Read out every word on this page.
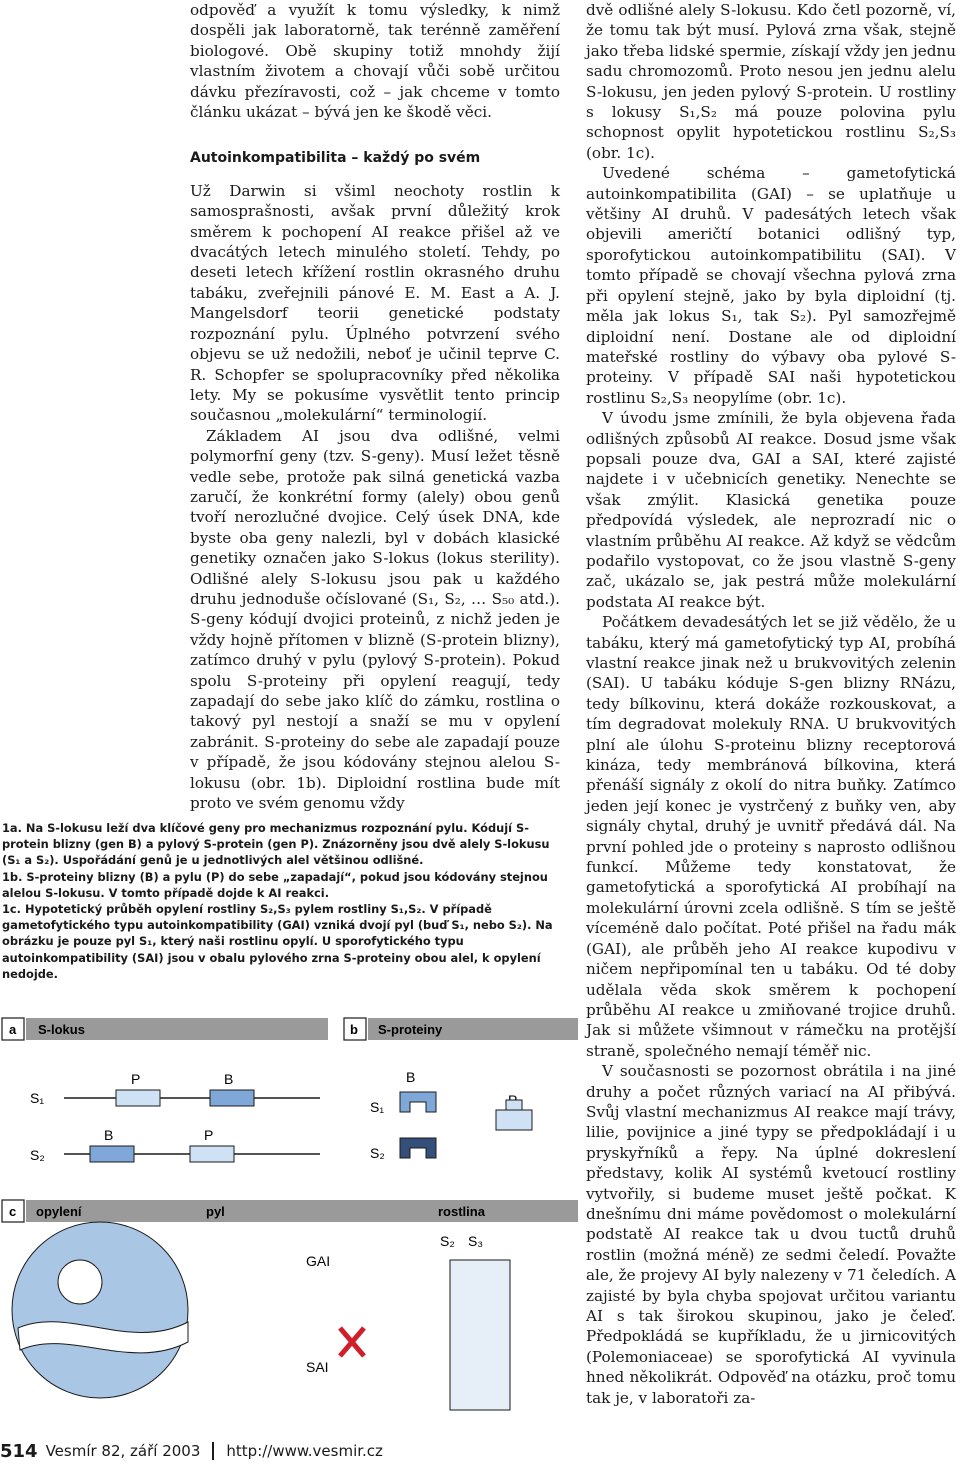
odpověď a využít k tomu výsledky, k nimž dospěli jak laboratorně, tak terénně zaměření biologové. Obě skupiny totiž mnohdy žijí vlastním životem a chovají vůči sobě určitou dávku přezíravosti, což – jak chceme v tomto článku ukázat – bývá jen ke škodě věci.

Autoinkompatibilita – každý po svém

Už Darwin si všiml neochoty rostlin k samosprašnosti, avšak první důležitý krok směrem k pochopení AI reakce přišel až ve dvacátých letech minulého století. Tehdy, po deseti letech křížení rostlin okrasného druhu tabáku, zveřejnili pánové E. M. East a A. J. Mangelsdorf teorii genetické podstaty rozpoznání pylu. Úplného potvrzení svého objevu se už nedožili, neboť je učinil teprve C. R. Schopfer se spolupracovníky před několika lety. My se pokusíme vysvětlit tento princip současnou „molekulární“ terminologií.

Základem AI jsou dva odlišné, velmi polymorfní geny (tzv. S-geny). Musí ležet těsně vedle sebe, protože pak silná genetická vazba zaručí, že konkrétní formy (alely) obou genů tvoří nerozlučné dvojice. Celý úsek DNA, kde byste oba geny nalezli, byl v dobách klasické genetiky označen jako S-lokus (lokus sterility). Odlišné alely S-lokusu jsou pak u každého druhu jednoduše očíslované (S₁, S₂, … S₅₀ atd.). S-geny kódují dvojici proteinů, z nichž jeden je vždy hojně přítomen v blizně (S-protein blizny), zatímco druhý v pylu (pylový S-protein). Pokud spolu S-proteiny při opylení reagují, tedy zapadají do sebe jako klíč do zámku, rostlina o takový pyl nestojí a snaží se mu v opylení zabránit. S-proteiny do sebe ale zapadají pouze v případě, že jsou kódovány stejnou alelou S-lokusu (obr. 1b). Diploidní rostlina bude mít proto ve svém genomu vždy

dvě odlišné alely S-lokusu. Kdo četl pozorně, ví, že tomu tak být musí. Pylová zrna však, stejně jako třeba lidské spermie, získají vždy jen jednu sadu chromozomů. Proto nesou jen jednu alelu S-lokusu, jen jeden pylový S-protein. U rostliny s lokusy S₁,S₂ má pouze polovina pylu schopnost opylit hypotetickou rostlinu S₂,S₃ (obr. 1c).

Uvedené schéma – gametofytická autoinkompatibilita (GAI) – se uplatňuje u většiny AI druhů. V padesátých letech však objevili američtí botanici odlišný typ, sporofytickou autoinkompatibilitu (SAI). V tomto případě se chovají všechna pylová zrna při opylení stejně, jako by byla diploidní (tj. měla jak lokus S₁, tak S₂). Pyl samozřejmě diploidní není. Dostane ale od diploidní mateřské rostliny do výbavy oba pylové S-proteiny. V případě SAI naši hypotetickou rostlinu S₂,S₃ neopylíme (obr. 1c).

V úvodu jsme zmínili, že byla objevena řada odlišných způsobů AI reakce. Dosud jsme však popsali pouze dva, GAI a SAI, které zajisté najdete i v učebnicích genetiky. Nenechte se však zmýlit. Klasická genetika pouze předpovídá výsledek, ale neprozradí nic o vlastním průběhu AI reakce. Až když se vědcům podařilo vystopovat, co že jsou vlastně S-geny zač, ukázalo se, jak pestrá může molekulární podstata AI reakce být.

Počátkem devadesátých let se již vědělo, že u tabáku, který má gametofytický typ AI, probíhá vlastní reakce jinak než u brukvovitých zelenin (SAI). U tabáku kóduje S-gen blizny RNázu, tedy bílkovinu, která dokáže rozkouskovat, a tím degradovat molekuly RNA. U brukvovitých plní ale úlohu S-proteinu blizny receptorová kináza, tedy membránová bílkovina, která přenáší signály z okolí do nitra buňky. Zatímco jeden její konec je vystrčený z buňky ven, aby signály chytal, druhý je uvnitř předává dál. Na první pohled jde o proteiny s naprosto odlišnou funkcí. Můžeme tedy konstatovat, že gametofytická a sporofytická AI probíhají na molekulární úrovni zcela odlišně. S tím se ještě víceméně dalo počítat. Poté přišel na řadu mák (GAI), ale průběh jeho AI reakce kupodivu v ničem nepřipomínal ten u tabáku. Od té doby udělala věda skok směrem k pochopení průběhu AI reakce u zmiňované trojice druhů. Jak si můžete všimnout v rámečku na protější straně, společného nemají téměř nic.

V současnosti se pozornost obrátila i na jiné druhy a počet různých variací na AI přibývá. Svůj vlastní mechanizmus AI reakce mají trávy, lilie, povijnice a jiné typy se předpokládají i u pryskyřníků a řepy. Na úplné dokreslení představy, kolik AI systémů kvetoucí rostliny vytvořily, si budeme muset ještě počkat. K dnešnímu dni máme povědomost o molekulární podstatě AI reakce tak u dvou tuctů druhů rostlin (možná méně) ze sedmi čeledí. Považte ale, že projevy AI byly nalezeny v 71 čeledích. A zajisté by byla chyba spojovat určitou variantu AI s tak širokou skupinou, jako je čeleď. Předpokládá se kupříkladu, že u jirnicovitých (Polemoniaceae) se sporofytická AI vyvinula hned několikrát. Odpověď na otázku, proč tomu tak je, v laboratoři za-

1a. Na S-lokusu leží dva klíčové geny pro mechanizmus rozpoznání pylu. Kódují S-protein blizny (gen B) a pylový S-protein (gen P). Znázorněny jsou dvě alely S-lokusu (S₁ a S₂). Uspořádání genů je u jednotlivých alel většinou odlišné.

1b. S-proteiny blizny (B) a pylu (P) do sebe „zapadají“, pokud jsou kódovány stejnou alelou S-lokusu. V tomto případě dojde k AI reakci.

1c. Hypotetický průběh opylení rostliny S₂,S₃ pylem rostliny S₁,S₂. V případě gametofytického typu autoinkompatibility (GAI) vzniká dvojí pyl (buď S₁, nebo S₂). Na obrázku je pouze pyl S₁, který naši rostlinu opylí. U sporofytického typu autoinkompatibility (SAI) jsou v obalu pylového zrna S-proteiny obou alel, k opylení nedojde.

a S-lokus
S₁
P	B
S₂
B	P
b S-proteiny
S₁
S₂
B
c opylení	pyl	rostlina
GAI
SAI
S₂ S₃
514 Vesmír 82, září 2003 http://www.vesmir.cz
